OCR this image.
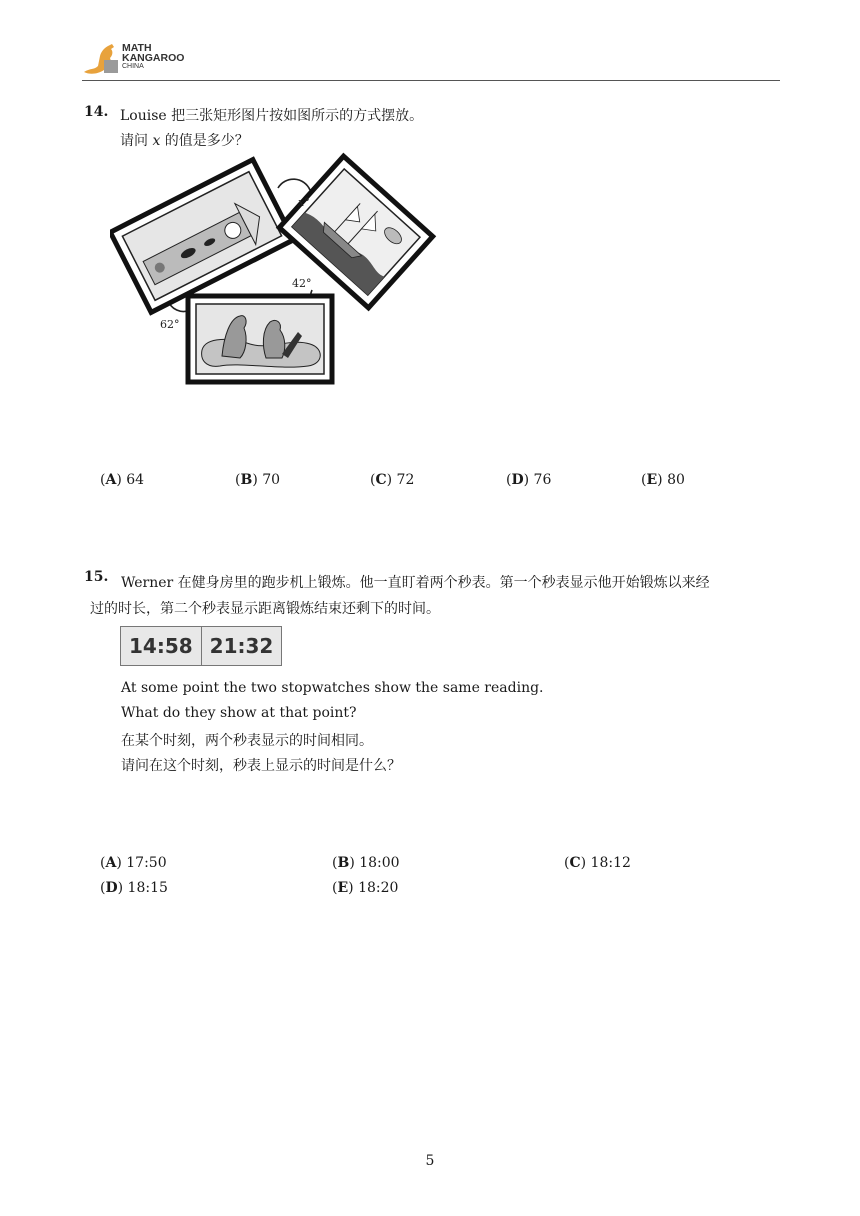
MATH
KANGAROO
CHINA
14. Louise 把三张矩形图片按如图所示的方式摆放。
请问 x 的值是多少？
x°
42°
62°
(A) 64	(B) 70	(C) 72	(D) 76	(E) 80
15. Werner 在健身房里的跑步机上锻炼。他一直盯着两个秒表。第一个秒表显示他开始锻炼以来经
过的时长，第二个秒表显示距离锻炼结束还剩下的时间。
14:58 21:32
At some point the two stopwatches show the same reading.
What do they show at that point?
在某个时刻，两个秒表显示的时间相同。
请问在这个时刻，秒表上显示的时间是什么？
(A) 17:50	(B) 18:00	(C) 18:12
(D) 18:15	(E) 18:20
5
